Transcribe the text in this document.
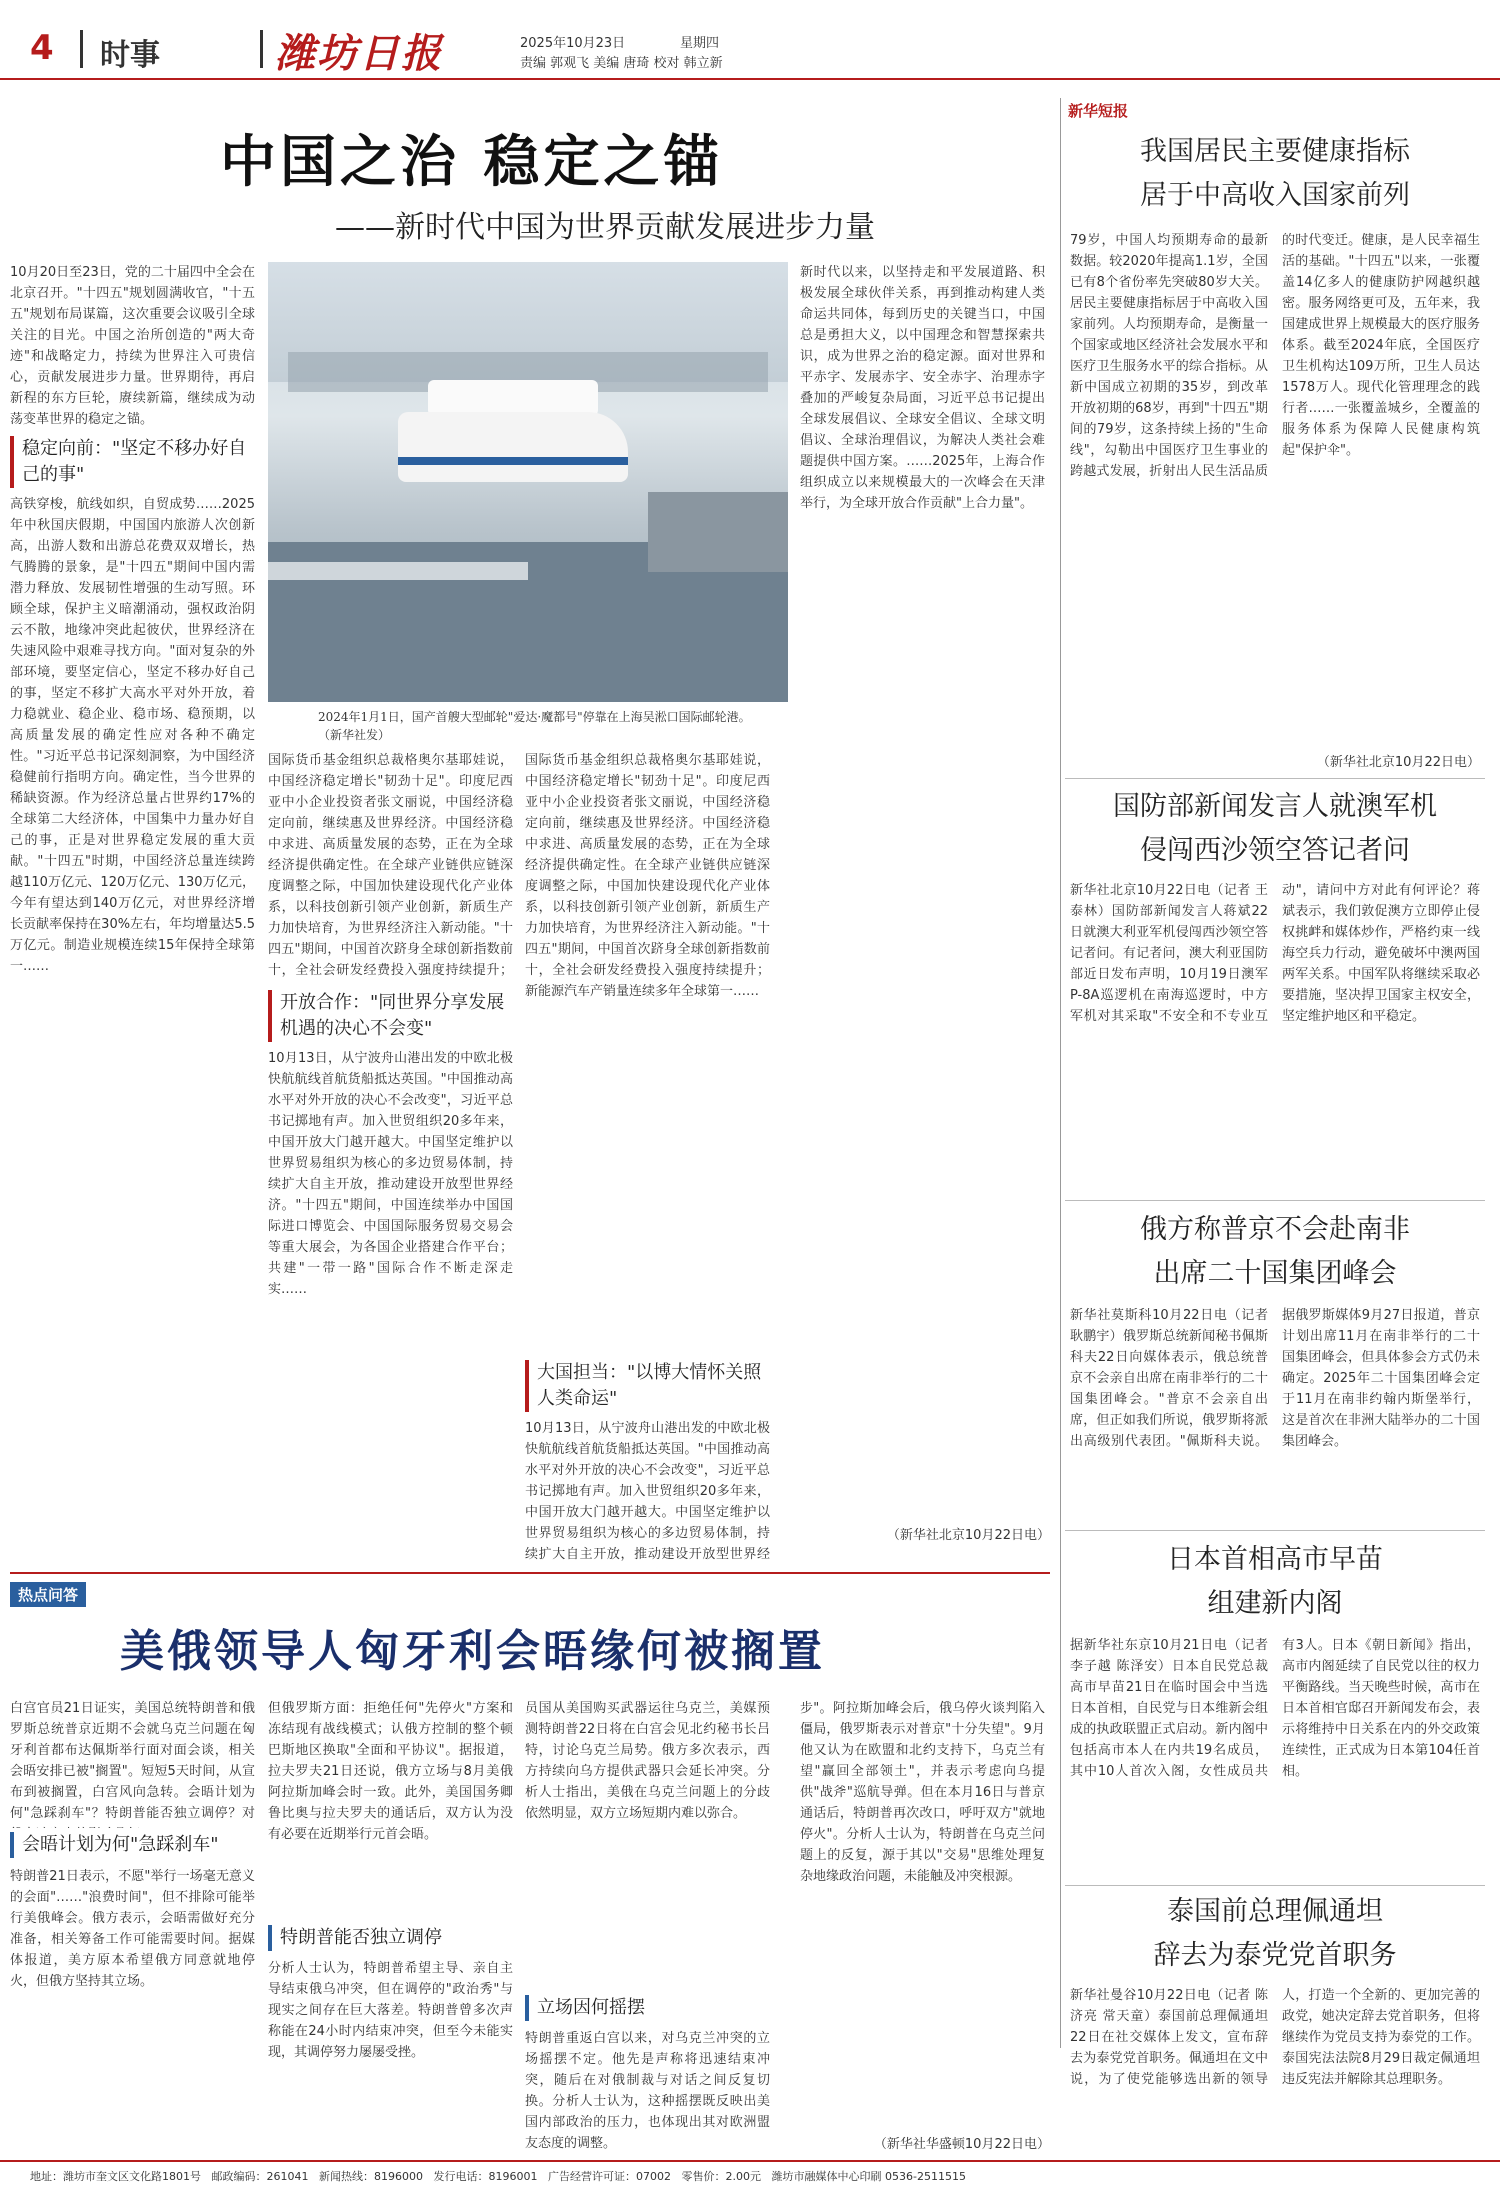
4 时事	潍坊日报	2025年10月23日	星期四
责编 郭观飞 美编 唐琦 校对 韩立新
中国之治 稳定之锚
——新时代中国为世界贡献发展进步力量
10月20日至23日，党的二十届四中全会在北京召开。"十四五"规划圆满收官，"十五五"规划布局谋篇，这次重要会议吸引全球关注的目光。中国之治所创造的"两大奇迹"和战略定力，持续为世界注入可贵信心，贡献发展进步力量。世界期待，再启新程的东方巨轮，赓续新篇，继续成为动荡变革世界的稳定之锚。
稳定向前："坚定不移办好自己的事"
高铁穿梭，航线如织，自贸成势……2025年中秋国庆假期，中国国内旅游人次创新高，出游人数和出游总花费双双增长，热气腾腾的景象，是"十四五"期间中国内需潜力释放、发展韧性增强的生动写照。环顾全球，保护主义暗潮涌动，强权政治阴云不散，地缘冲突此起彼伏，世界经济在失速风险中艰难寻找方向。"面对复杂的外部环境，要坚定信心，坚定不移办好自己的事，坚定不移扩大高水平对外开放，着力稳就业、稳企业、稳市场、稳预期，以高质量发展的确定性应对各种不确定性。"习近平总书记深刻洞察，为中国经济稳健前行指明方向。确定性，当今世界的稀缺资源。作为经济总量占世界约17%的全球第二大经济体，中国集中力量办好自己的事，正是对世界稳定发展的重大贡献。"十四五"时期，中国经济总量连续跨越110万亿元、120万亿元、130万亿元，今年有望达到140万亿元，对世界经济增长贡献率保持在30%左右，年均增量达5.5万亿元。制造业规模连续15年保持全球第一……
2024年1月1日，国产首艘大型邮轮"爱达·魔都号"停靠在上海吴淞口国际邮轮港。（新华社发）
国际货币基金组织总裁格奥尔基耶娃说，中国经济稳定增长"韧劲十足"。印度尼西亚中小企业投资者张文丽说，中国经济稳定向前，继续惠及世界经济。中国经济稳中求进、高质量发展的态势，正在为全球经济提供确定性。在全球产业链供应链深度调整之际，中国加快建设现代化产业体系，以科技创新引领产业创新，新质生产力加快培育，为世界经济注入新动能。"十四五"期间，中国首次跻身全球创新指数前十，全社会研发经费投入强度持续提升；
开放合作："同世界分享发展机遇的决心不会变"
10月13日，从宁波舟山港出发的中欧北极快航航线首航货船抵达英国。"中国推动高水平对外开放的决心不会改变"，习近平总书记掷地有声。加入世贸组织20多年来，中国开放大门越开越大。中国坚定维护以世界贸易组织为核心的多边贸易体制，持续扩大自主开放，推动建设开放型世界经济。"十四五"期间，中国连续举办中国国际进口博览会、中国国际服务贸易交易会等重大展会，为各国企业搭建合作平台；共建"一带一路"国际合作不断走深走实……
国际货币基金组织总裁格奥尔基耶娃说，中国经济稳定增长"韧劲十足"。印度尼西亚中小企业投资者张文丽说，中国经济稳定向前，继续惠及世界经济。中国经济稳中求进、高质量发展的态势，正在为全球经济提供确定性。在全球产业链供应链深度调整之际，中国加快建设现代化产业体系，以科技创新引领产业创新，新质生产力加快培育，为世界经济注入新动能。"十四五"期间，中国首次跻身全球创新指数前十，全社会研发经费投入强度持续提升；新能源汽车产销量连续多年全球第一……
大国担当："以博大情怀关照人类命运"
10月13日，从宁波舟山港出发的中欧北极快航航线首航货船抵达英国。"中国推动高水平对外开放的决心不会改变"，习近平总书记掷地有声。加入世贸组织20多年来，中国开放大门越开越大。中国坚定维护以世界贸易组织为核心的多边贸易体制，持续扩大自主开放，推动建设开放型世界经
新时代以来，以坚持走和平发展道路、积极发展全球伙伴关系，再到推动构建人类命运共同体，每到历史的关键当口，中国总是勇担大义，以中国理念和智慧探索共识，成为世界之治的稳定源。面对世界和平赤字、发展赤字、安全赤字、治理赤字叠加的严峻复杂局面，习近平总书记提出全球发展倡议、全球安全倡议、全球文明倡议、全球治理倡议，为解决人类社会难题提供中国方案。……2025年，上海合作组织成立以来规模最大的一次峰会在天津举行，为全球开放合作贡献"上合力量"。
（新华社北京10月22日电）
新华短报
我国居民主要健康指标
居于中高收入国家前列
79岁，中国人均预期寿命的最新数据。较2020年提高1.1岁，全国已有8个省份率先突破80岁大关。居民主要健康指标居于中高收入国家前列。人均预期寿命，是衡量一个国家或地区经济社会发展水平和医疗卫生服务水平的综合指标。从新中国成立初期的35岁，到改革开放初期的68岁，再到"十四五"期间的79岁，这条持续上扬的"生命线"，勾勒出中国医疗卫生事业的跨越式发展，折射出人民生活品质的时代变迁。健康，是人民幸福生活的基础。"十四五"以来，一张覆盖14亿多人的健康防护网越织越密。服务网络更可及，五年来，我国建成世界上规模最大的医疗服务体系。截至2024年底，全国医疗卫生机构达109万所，卫生人员达1578万人。现代化管理理念的践行者……一张覆盖城乡，全覆盖的服务体系为保障人民健康构筑起"保护伞"。
（新华社北京10月22日电）
国防部新闻发言人就澳军机
侵闯西沙领空答记者问
新华社北京10月22日电（记者 王泰林）国防部新闻发言人蒋斌22日就澳大利亚军机侵闯西沙领空答记者问。有记者问，澳大利亚国防部近日发布声明，10月19日澳军P-8A巡逻机在南海巡逻时，中方军机对其采取"不安全和不专业互动"，请问中方对此有何评论？蒋斌表示，我们敦促澳方立即停止侵权挑衅和媒体炒作，严格约束一线海空兵力行动，避免破坏中澳两国两军关系。中国军队将继续采取必要措施，坚决捍卫国家主权安全，坚定维护地区和平稳定。
俄方称普京不会赴南非
出席二十国集团峰会
新华社莫斯科10月22日电（记者 耿鹏宇）俄罗斯总统新闻秘书佩斯科夫22日向媒体表示，俄总统普京不会亲自出席在南非举行的二十国集团峰会。"普京不会亲自出席，但正如我们所说，俄罗斯将派出高级别代表团。"佩斯科夫说。据俄罗斯媒体9月27日报道，普京计划出席11月在南非举行的二十国集团峰会，但具体参会方式仍未确定。2025年二十国集团峰会定于11月在南非约翰内斯堡举行，这是首次在非洲大陆举办的二十国集团峰会。
日本首相高市早苗
组建新内阁
据新华社东京10月21日电（记者 李子越 陈泽安）日本自民党总裁高市早苗21日在临时国会中当选日本首相，自民党与日本维新会组成的执政联盟正式启动。新内阁中包括高市本人在内共19名成员，其中10人首次入阁，女性成员共有3人。日本《朝日新闻》指出，高市内阁延续了自民党以往的权力平衡路线。当天晚些时候，高市在日本首相官邸召开新闻发布会，表示将维持中日关系在内的外交政策连续性，正式成为日本第104任首相。
泰国前总理佩通坦
辞去为泰党党首职务
新华社曼谷10月22日电（记者 陈济亮 常天童）泰国前总理佩通坦22日在社交媒体上发文，宣布辞去为泰党党首职务。佩通坦在文中说，为了使党能够选出新的领导人，打造一个全新的、更加完善的政党，她决定辞去党首职务，但将继续作为党员支持为泰党的工作。泰国宪法法院8月29日裁定佩通坦违反宪法并解除其总理职务。
热点问答
美俄领导人匈牙利会晤缘何被搁置
白宫官员21日证实，美国总统特朗普和俄罗斯总统普京近期不会就乌克兰问题在匈牙利首都布达佩斯举行面对面会谈，相关会晤安排已被"搁置"。短短5天时间，从宣布到被搁置，白宫风向急转。会晤计划为何"急踩刹车"？特朗普能否独立调停？对
会晤计划为何"急踩刹车"
特朗普21日表示，不愿"举行一场毫无意义的会面"……"浪费时间"，但不排除可能举行美俄峰会。俄方表示，会晤需做好充分准备，相关筹备工作可能需要时间。据媒体报道，美方原本希望俄方同意就地停火，但俄方坚持其立场。
但俄罗斯方面：拒绝任何"先停火"方案和冻结现有战线模式；认俄方控制的整个顿巴斯地区换取"全面和平协议"。据报道，拉夫罗夫21日还说，俄方立场与8月美俄阿拉斯加峰会时一致。此外，美国国务卿鲁比奥与拉夫罗夫的通话后，双方认为没有必要在近期举行元首会晤。
特朗普能否独立调停
分析人士认为，特朗普希望主导、亲自主导结束俄乌冲突，但在调停的"政治秀"与现实之间存在巨大落差。特朗普曾多次声称能在24小时内结束冲突，但至今未能实现，其调停努力屡屡受挫。
员国从美国购买武器运往乌克兰，美媒预测特朗普22日将在白宫会见北约秘书长吕特，讨论乌克兰局势。俄方多次表示，西方持续向乌方提供武器只会延长冲突。分析人士指出，美俄在乌克兰问题上的分歧依然明显，双方立场短期内难以弥合。
立场因何摇摆
特朗普重返白宫以来，对乌克兰冲突的立场摇摆不定。他先是声称将迅速结束冲突，随后在对俄制裁与对话之间反复切换。分析人士认为，这种摇摆既反映出美国内部政治的压力，也体现出其对欧洲盟友态度的调整。
步"。阿拉斯加峰会后，俄乌停火谈判陷入僵局，俄罗斯表示对普京"十分失望"。9月他又认为在欧盟和北约支持下，乌克兰有望"赢回全部领土"，并表示考虑向乌提供"战斧"巡航导弹。但在本月16日与普京通话后，特朗普再次改口，呼吁双方"就地停火"。分析人士认为，特朗普在乌克兰问题上的反复，源于其以"交易"思维处理复杂地缘政治问题，未能触及冲突根源。
（新华社华盛顿10月22日电）
地址：潍坊市奎文区文化路1801号 邮政编码：261041 新闻热线：8196000 发行电话：8196001 广告经营许可证：07002 零售价：2.00元 潍坊市融媒体中心印刷 0536-2511515
